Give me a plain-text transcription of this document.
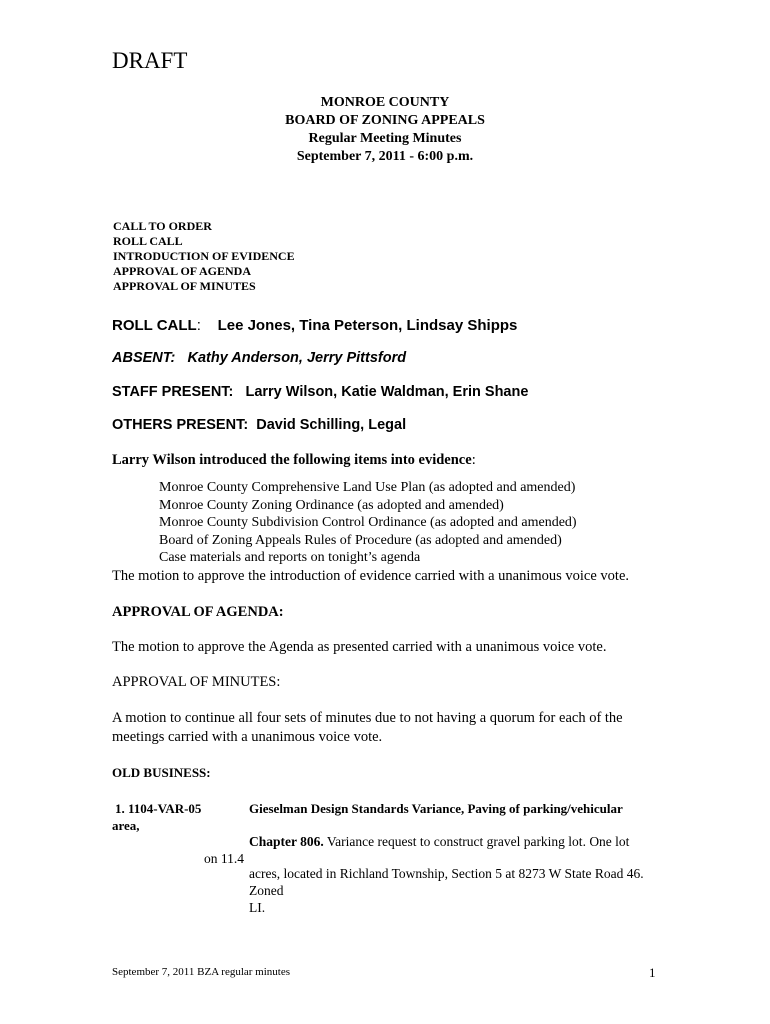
DRAFT
MONROE COUNTY
BOARD OF ZONING APPEALS
Regular Meeting Minutes
September 7, 2011 - 6:00 p.m.
CALL TO ORDER
ROLL CALL
INTRODUCTION OF EVIDENCE
APPROVAL OF AGENDA
APPROVAL OF MINUTES
ROLL CALL: Lee Jones, Tina Peterson, Lindsay Shipps
ABSENT: Kathy Anderson, Jerry Pittsford
STAFF PRESENT: Larry Wilson, Katie Waldman, Erin Shane
OTHERS PRESENT: David Schilling, Legal
Larry Wilson introduced the following items into evidence:
Monroe County Comprehensive Land Use Plan (as adopted and amended)
Monroe County Zoning Ordinance (as adopted and amended)
Monroe County Subdivision Control Ordinance (as adopted and amended)
Board of Zoning Appeals Rules of Procedure (as adopted and amended)
Case materials and reports on tonight’s agenda
The motion to approve the introduction of evidence carried with a unanimous voice vote.
APPROVAL OF AGENDA:
The motion to approve the Agenda as presented carried with a unanimous voice vote.
APPROVAL OF MINUTES:
A motion to continue all four sets of minutes due to not having a quorum for each of the
meetings carried with a unanimous voice vote.
OLD BUSINESS:
1. 1104-VAR-05
area,
Gieselman Design Standards Variance, Paving of parking/vehicular
Chapter 806. Variance request to construct gravel parking lot. One lot
on 11.4
acres, located in Richland Township, Section 5 at 8273 W State Road 46.
Zoned
LI.
September 7, 2011 BZA regular minutes	1
